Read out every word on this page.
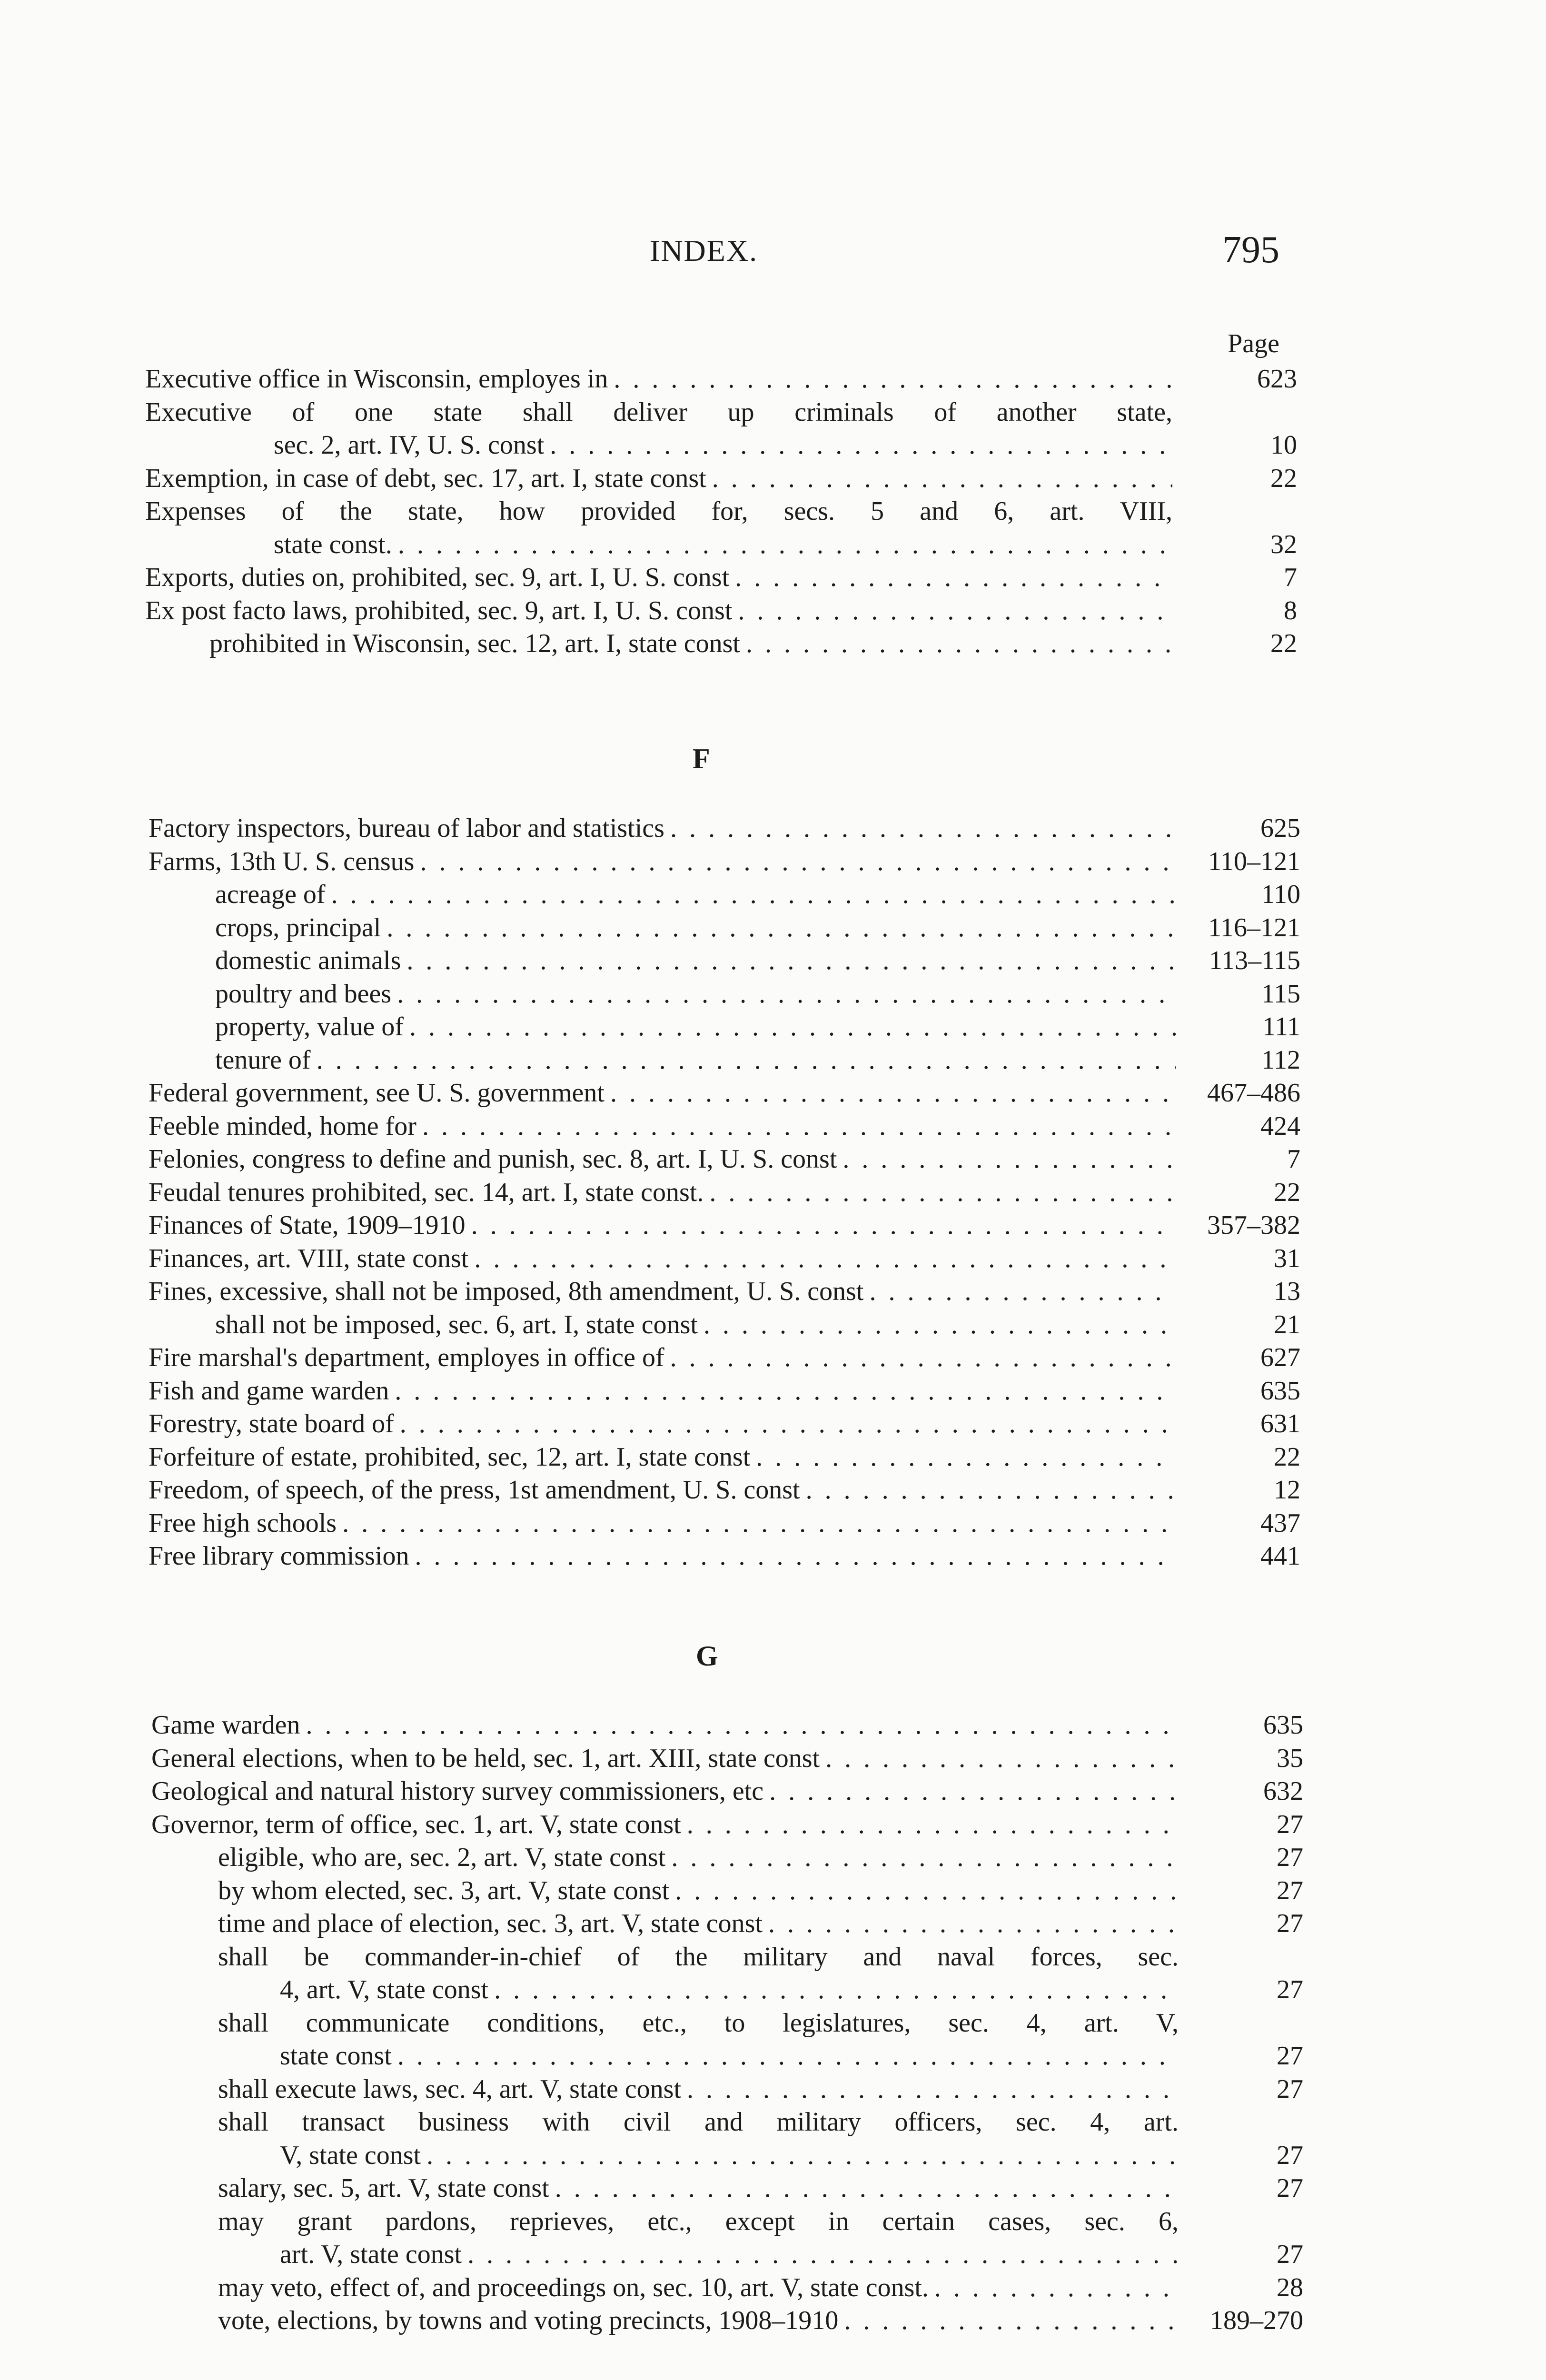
INDEX.	795
Page
Executive office in Wisconsin, employes in . . .	623
Executive of one state shall deliver up criminals of another state,
sec. 2, art. IV, U. S. const . . .	10
Exemption, in case of debt, sec. 17, art. I, state const . . .	22
Expenses of the state, how provided for, secs. 5 and 6, art. VIII,
state const. . . .	32
Exports, duties on, prohibited, sec. 9, art. I, U. S. const . . .	7
Ex post facto laws, prohibited, sec. 9, art. I, U. S. const . . .	8
prohibited in Wisconsin, sec. 12, art. I, state const . . .	22
F
Factory inspectors, bureau of labor and statistics . . .	625
Farms, 13th U. S. census . . .	110–121
acreage of . . .	110
crops, principal . . .	116–121
domestic animals . . .	113–115
poultry and bees . . .	115
property, value of . . .	111
tenure of . . .	112
Federal government, see U. S. government . . .	467–486
Feeble minded, home for . . .	424
Felonies, congress to define and punish, sec. 8, art. I, U. S. const . . .	7
Feudal tenures prohibited, sec. 14, art. I, state const. . . .	22
Finances of State, 1909–1910 . . .	357–382
Finances, art. VIII, state const . . .	31
Fines, excessive, shall not be imposed, 8th amendment, U. S. const . . .	13
shall not be imposed, sec. 6, art. I, state const . . .	21
Fire marshal's department, employes in office of . . .	627
Fish and game warden . . .	635
Forestry, state board of . . .	631
Forfeiture of estate, prohibited, sec, 12, art. I, state const . . .	22
Freedom, of speech, of the press, 1st amendment, U. S. const . . .	12
Free high schools . . .	437
Free library commission . . .	441
G
Game warden . . .	635
General elections, when to be held, sec. 1, art. XIII, state const . . .	35
Geological and natural history survey commissioners, etc . . .	632
Governor, term of office, sec. 1, art. V, state const . . .	27
eligible, who are, sec. 2, art. V, state const . . .	27
by whom elected, sec. 3, art. V, state const . . .	27
time and place of election, sec. 3, art. V, state const . . .	27
shall be commander-in-chief of the military and naval forces, sec.
4, art. V, state const . . .	27
shall communicate conditions, etc., to legislatures, sec. 4, art. V,
state const . . .	27
shall execute laws, sec. 4, art. V, state const . . .	27
shall transact business with civil and military officers, sec. 4, art.
V, state const . . .	27
salary, sec. 5, art. V, state const . . .	27
may grant pardons, reprieves, etc., except in certain cases, sec. 6,
art. V, state const . . .	27
may veto, effect of, and proceedings on, sec. 10, art. V, state const. . . .	28
vote, elections, by towns and voting precincts, 1908–1910 . . .	189–270
